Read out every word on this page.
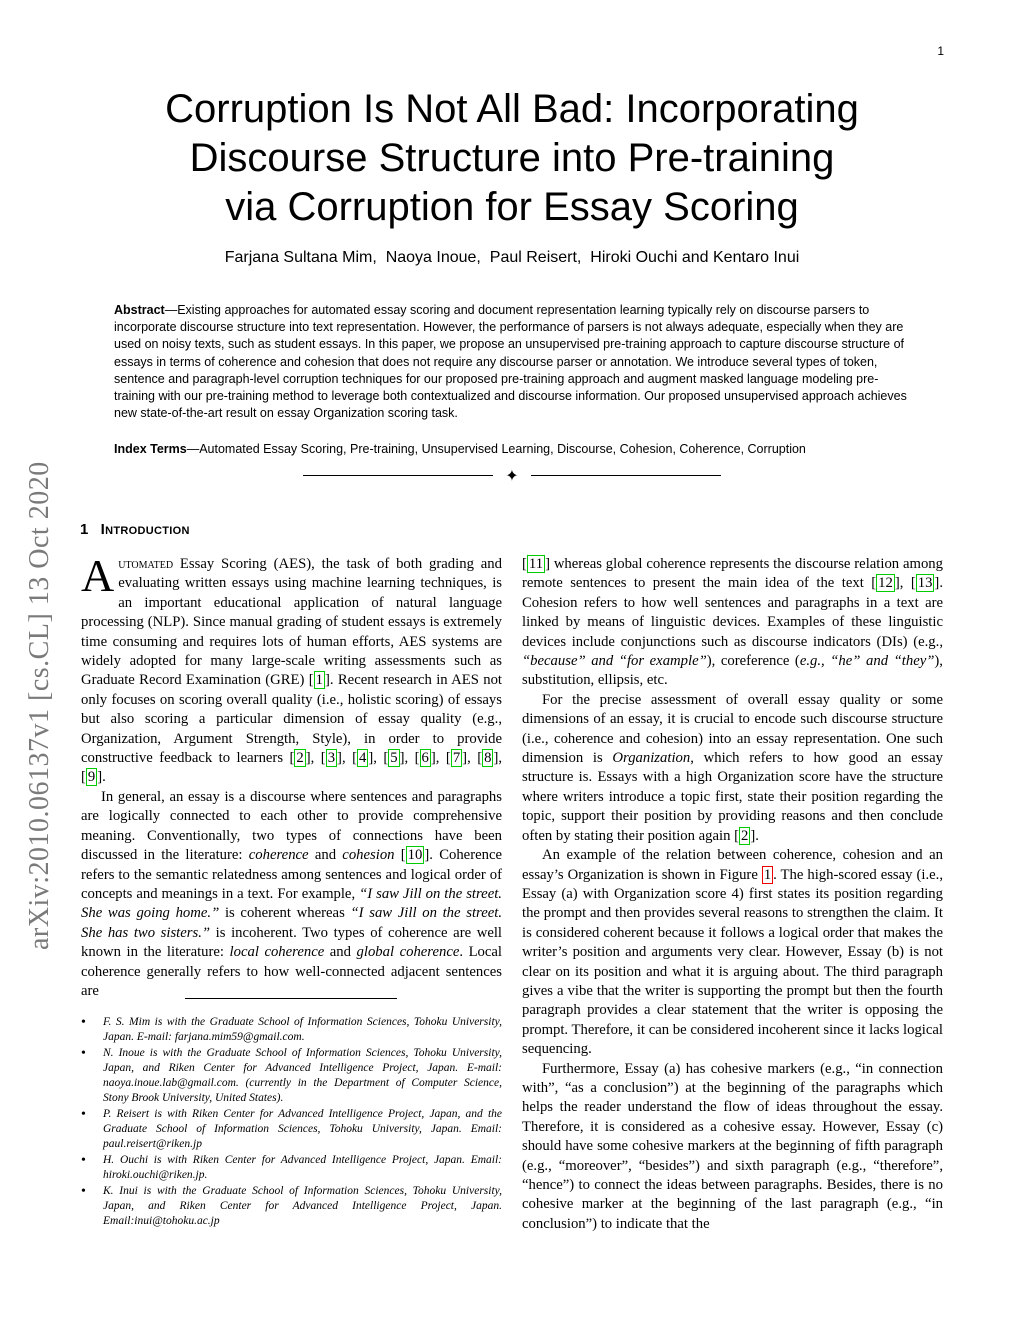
1
arXiv:2010.06137v1 [cs.CL] 13 Oct 2020
Corruption Is Not All Bad: Incorporating
Discourse Structure into Pre-training
via Corruption for Essay Scoring
Farjana Sultana Mim ,  Naoya Inoue ,  Paul Reisert ,  Hiroki Ouchi and Kentaro Inui
Abstract—Existing approaches for automated essay scoring and document representation learning typically rely on discourse parsers to incorporate discourse structure into text representation. However, the performance of parsers is not always adequate, especially when they are used on noisy texts, such as student essays. In this paper, we propose an unsupervised pre-training approach to capture discourse structure of essays in terms of coherence and cohesion that does not require any discourse parser or annotation. We introduce several types of token, sentence and paragraph-level corruption techniques for our proposed pre-training approach and augment masked language modeling pre-training with our pre-training method to leverage both contextualized and discourse information. Our proposed unsupervised approach achieves new state-of-the-art result on essay Organization scoring task.
Index Terms—Automated Essay Scoring , Pre-training , Unsupervised Learning , Discourse , Cohesion , Coherence , Corruption
✦
1 Introduction

Automated Essay Scoring (AES), the task of both grading and evaluating written essays using machine learning techniques, is an important educational application of natural language processing (NLP). Since manual grading of student essays is extremely time consuming and requires lots of human efforts, AES systems are widely adopted for many large-scale writing assessments such as Graduate Record Examination (GRE) [ 1 ]. Recent research in AES not only focuses on scoring overall quality (i.e., holistic scoring) of essays but also scoring a particular dimension of essay quality (e.g., Organization, Argument Strength, Style), in order to provide constructive feedback to learners [ 2 ], [ 3 ], [ 4 ], [ 5 ], [ 6 ], [ 7 ], [ 8 ], [ 9 ].

In general, an essay is a discourse where sentences and paragraphs are logically connected to each other to provide comprehensive meaning. Conventionally, two types of connections have been discussed in the literature: coherence and cohesion [ 10 ]. Coherence refers to the semantic relatedness among sentences and logical order of concepts and meanings in a text. For example, “I saw Jill on the street. She was going home.” is coherent whereas “I saw Jill on the street. She has two sisters.” is incoherent. Two types of coherence are well known in the literature: local coherence and global coherence. Local coherence generally refers to how well-connected adjacent sentences are

[ 11 ] whereas global coherence represents the discourse relation among remote sentences to present the main idea of the text [ 12 ], [ 13 ]. Cohesion refers to how well sentences and paragraphs in a text are linked by means of linguistic devices. Examples of these linguistic devices include conjunctions such as discourse indicators (DIs) (e.g., “because” and “for example”), coreference (e.g., “he” and “they”), substitution, ellipsis, etc.

For the precise assessment of overall essay quality or some dimensions of an essay, it is crucial to encode such discourse structure (i.e., coherence and cohesion) into an essay representation. One such dimension is Organization, which refers to how good an essay structure is. Essays with a high Organization score have the structure where writers introduce a topic first, state their position regarding the topic, support their position by providing reasons and then conclude often by stating their position again [ 2 ].

An example of the relation between coherence, cohesion and an essay’s Organization is shown in Figure 1 . The high-scored essay (i.e., Essay (a) with Organization score 4) first states its position regarding the prompt and then provides several reasons to strengthen the claim. It is considered coherent because it follows a logical order that makes the writer’s position and arguments very clear. However, Essay (b) is not clear on its position and what it is arguing about. The third paragraph gives a vibe that the writer is supporting the prompt but then the fourth paragraph provides a clear statement that the writer is opposing the prompt. Therefore, it can be considered incoherent since it lacks logical sequencing.

Furthermore, Essay (a) has cohesive markers (e.g., “in connection with”, “as a conclusion”) at the beginning of the paragraphs which helps the reader understand the flow of ideas throughout the essay. Therefore, it is considered as a cohesive essay. However, Essay (c) should have some cohesive markers at the beginning of fifth paragraph (e.g., “moreover”, “besides”) and sixth paragraph (e.g., “therefore”, “hence”) to connect the ideas between paragraphs. Besides, there is no cohesive marker at the beginning of the last paragraph (e.g., “in conclusion”) to indicate that the

• F. S. Mim is with the Graduate School of Information Sciences, Tohoku University, Japan. E-mail: farjana.mim59@gmail.com.
• N. Inoue is with the Graduate School of Information Sciences, Tohoku University, Japan, and Riken Center for Advanced Intelligence Project, Japan. E-mail: naoya.inoue.lab@gmail.com. (currently in the Department of Computer Science, Stony Brook University, United States).
• P. Reisert is with Riken Center for Advanced Intelligence Project, Japan, and the Graduate School of Information Sciences, Tohoku University, Japan. Email: paul.reisert@riken.jp
• H. Ouchi is with Riken Center for Advanced Intelligence Project, Japan. Email: hiroki.ouchi@riken.jp.
• K. Inui is with the Graduate School of Information Sciences, Tohoku University, Japan, and Riken Center for Advanced Intelligence Project, Japan. Email:inui@tohoku.ac.jp
